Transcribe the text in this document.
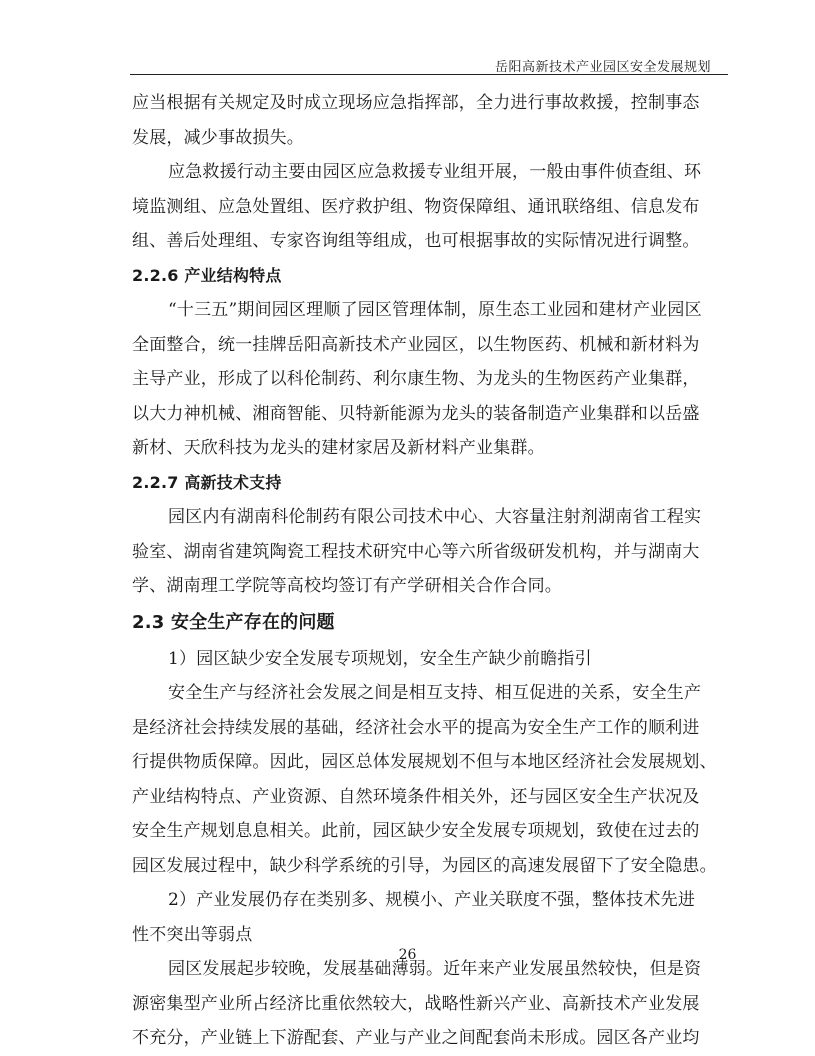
岳阳高新技术产业园区安全发展规划
应当根据有关规定及时成立现场应急指挥部，全力进行事故救援，控制事态
发展，减少事故损失。
应急救援行动主要由园区应急救援专业组开展，一般由事件侦查组、环
境监测组、应急处置组、医疗救护组、物资保障组、通讯联络组、信息发布
组、善后处理组、专家咨询组等组成，也可根据事故的实际情况进行调整。
2.2.6 产业结构特点
“十三五”期间园区理顺了园区管理体制，原生态工业园和建材产业园区
全面整合，统一挂牌岳阳高新技术产业园区，以生物医药、机械和新材料为
主导产业，形成了以科伦制药、利尔康生物、为龙头的生物医药产业集群，
以大力神机械、湘商智能、贝特新能源为龙头的装备制造产业集群和以岳盛
新材、天欣科技为龙头的建材家居及新材料产业集群。
2.2.7 高新技术支持
园区内有湖南科伦制药有限公司技术中心、大容量注射剂湖南省工程实
验室、湖南省建筑陶瓷工程技术研究中心等六所省级研发机构，并与湖南大
学、湖南理工学院等高校均签订有产学研相关合作合同。
2.3 安全生产存在的问题
1）园区缺少安全发展专项规划，安全生产缺少前瞻指引
安全生产与经济社会发展之间是相互支持、相互促进的关系，安全生产
是经济社会持续发展的基础，经济社会水平的提高为安全生产工作的顺利进
行提供物质保障。因此，园区总体发展规划不但与本地区经济社会发展规划、
产业结构特点、产业资源、自然环境条件相关外，还与园区安全生产状况及
安全生产规划息息相关。此前，园区缺少安全发展专项规划，致使在过去的
园区发展过程中，缺少科学系统的引导，为园区的高速发展留下了安全隐患。
2）产业发展仍存在类别多、规模小、产业关联度不强，整体技术先进
性不突出等弱点
园区发展起步较晚，发展基础薄弱。近年来产业发展虽然较快，但是资
源密集型产业所占经济比重依然较大，战略性新兴产业、高新技术产业发展
不充分，产业链上下游配套、产业与产业之间配套尚未形成。园区各产业均
26
